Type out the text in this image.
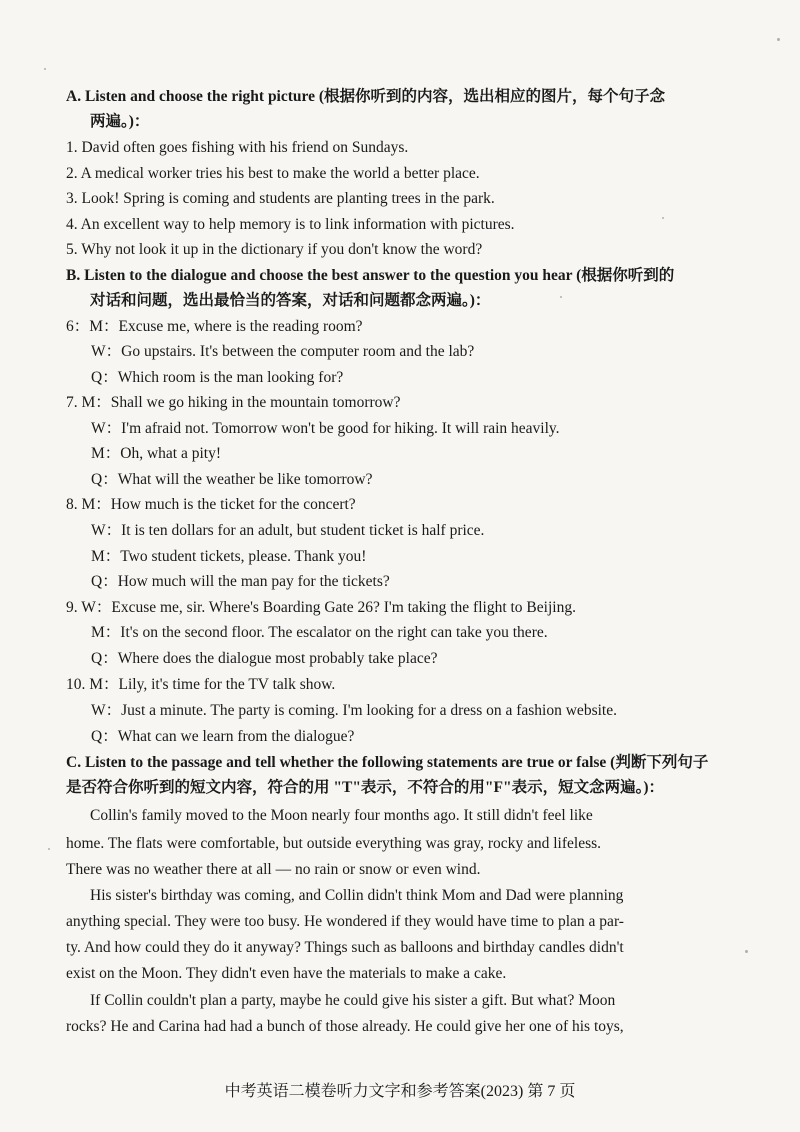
A. Listen and choose the right picture (根据你听到的内容，选出相应的图片，每个句子念
两遍。)：
1. David often goes fishing with his friend on Sundays.
2. A medical worker tries his best to make the world a better place.
3. Look! Spring is coming and students are planting trees in the park.
4. An excellent way to help memory is to link information with pictures.
5. Why not look it up in the dictionary if you don't know the word?
B. Listen to the dialogue and choose the best answer to the question you hear (根据你听到的
对话和问题，选出最恰当的答案，对话和问题都念两遍。)：
6：M：Excuse me, where is the reading room?
W：Go upstairs. It's between the computer room and the lab?
Q：Which room is the man looking for?
7. M：Shall we go hiking in the mountain tomorrow?
W：I'm afraid not. Tomorrow won't be good for hiking. It will rain heavily.
M：Oh, what a pity!
Q：What will the weather be like tomorrow?
8. M：How much is the ticket for the concert?
W：It is ten dollars for an adult, but student ticket is half price.
M：Two student tickets, please. Thank you!
Q：How much will the man pay for the tickets?
9. W：Excuse me, sir. Where's Boarding Gate 26? I'm taking the flight to Beijing.
M：It's on the second floor. The escalator on the right can take you there.
Q：Where does the dialogue most probably take place?
10. M：Lily, it's time for the TV talk show.
W：Just a minute. The party is coming. I'm looking for a dress on a fashion website.
Q：What can we learn from the dialogue?
C. Listen to the passage and tell whether the following statements are true or false (判断下列句子
是否符合你听到的短文内容，符合的用 "T"表示，不符合的用"F"表示，短文念两遍。)：
Collin's family moved to the Moon nearly four months ago. It still didn't feel like
home. The flats were comfortable, but outside everything was gray, rocky and lifeless.
There was no weather there at all — no rain or snow or even wind.
His sister's birthday was coming, and Collin didn't think Mom and Dad were planning
anything special. They were too busy. He wondered if they would have time to plan a par-
ty. And how could they do it anyway? Things such as balloons and birthday candles didn't
exist on the Moon. They didn't even have the materials to make a cake.
If Collin couldn't plan a party, maybe he could give his sister a gift. But what? Moon
rocks? He and Carina had had a bunch of those already. He could give her one of his toys,
中考英语二模卷听力文字和参考答案(2023) 第 7 页
